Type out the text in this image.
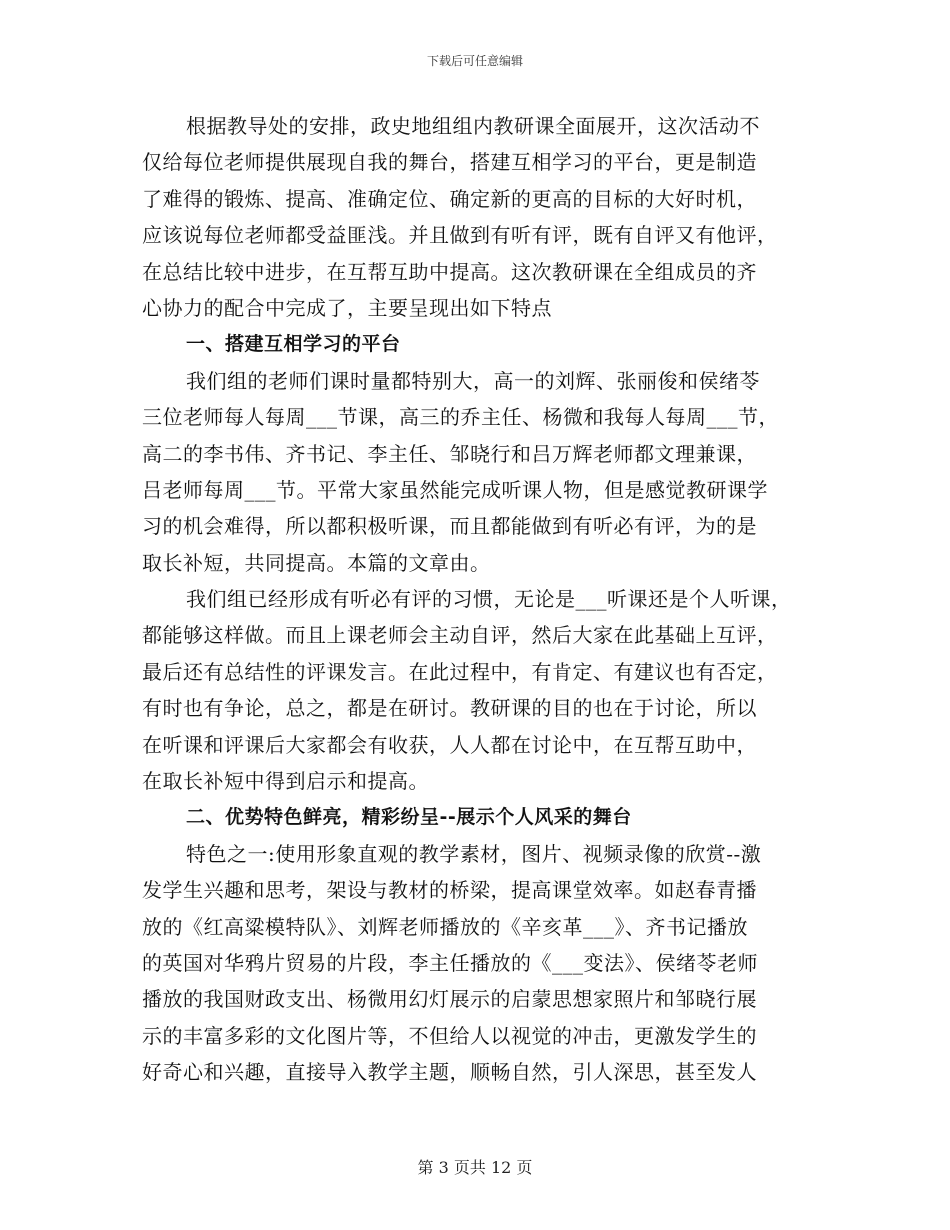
下载后可任意编辑
根据教导处的安排，政史地组组内教研课全面展开，这次活动不
仅给每位老师提供展现自我的舞台，搭建互相学习的平台，更是制造
了难得的锻炼、提高、准确定位、确定新的更高的目标的大好时机，
应该说每位老师都受益匪浅。并且做到有听有评，既有自评又有他评，
在总结比较中进步，在互帮互助中提高。这次教研课在全组成员的齐
心协力的配合中完成了，主要呈现出如下特点
一、搭建互相学习的平台
我们组的老师们课时量都特别大，高一的刘辉、张丽俊和侯绪苓
三位老师每人每周___节课，高三的乔主任、杨微和我每人每周___节，
高二的李书伟、齐书记、李主任、邹晓行和吕万辉老师都文理兼课，
吕老师每周___节。平常大家虽然能完成听课人物，但是感觉教研课学
习的机会难得，所以都积极听课，而且都能做到有听必有评，为的是
取长补短，共同提高。本篇的文章由。
我们组已经形成有听必有评的习惯，无论是___听课还是个人听课，
都能够这样做。而且上课老师会主动自评，然后大家在此基础上互评，
最后还有总结性的评课发言。在此过程中，有肯定、有建议也有否定，
有时也有争论，总之，都是在研讨。教研课的目的也在于讨论，所以
在听课和评课后大家都会有收获，人人都在讨论中，在互帮互助中，
在取长补短中得到启示和提高。
二、优势特色鲜亮，精彩纷呈--展示个人风采的舞台
特色之一:使用形象直观的教学素材，图片、视频录像的欣赏--激
发学生兴趣和思考，架设与教材的桥梁，提高课堂效率。如赵春青播
放的《红高粱模特队》、刘辉老师播放的《辛亥革___》、齐书记播放
的英国对华鸦片贸易的片段，李主任播放的《___变法》、侯绪苓老师
播放的我国财政支出、杨微用幻灯展示的启蒙思想家照片和邹晓行展
示的丰富多彩的文化图片等，不但给人以视觉的冲击，更激发学生的
好奇心和兴趣，直接导入教学主题，顺畅自然，引人深思，甚至发人
第 3 页共 12 页
